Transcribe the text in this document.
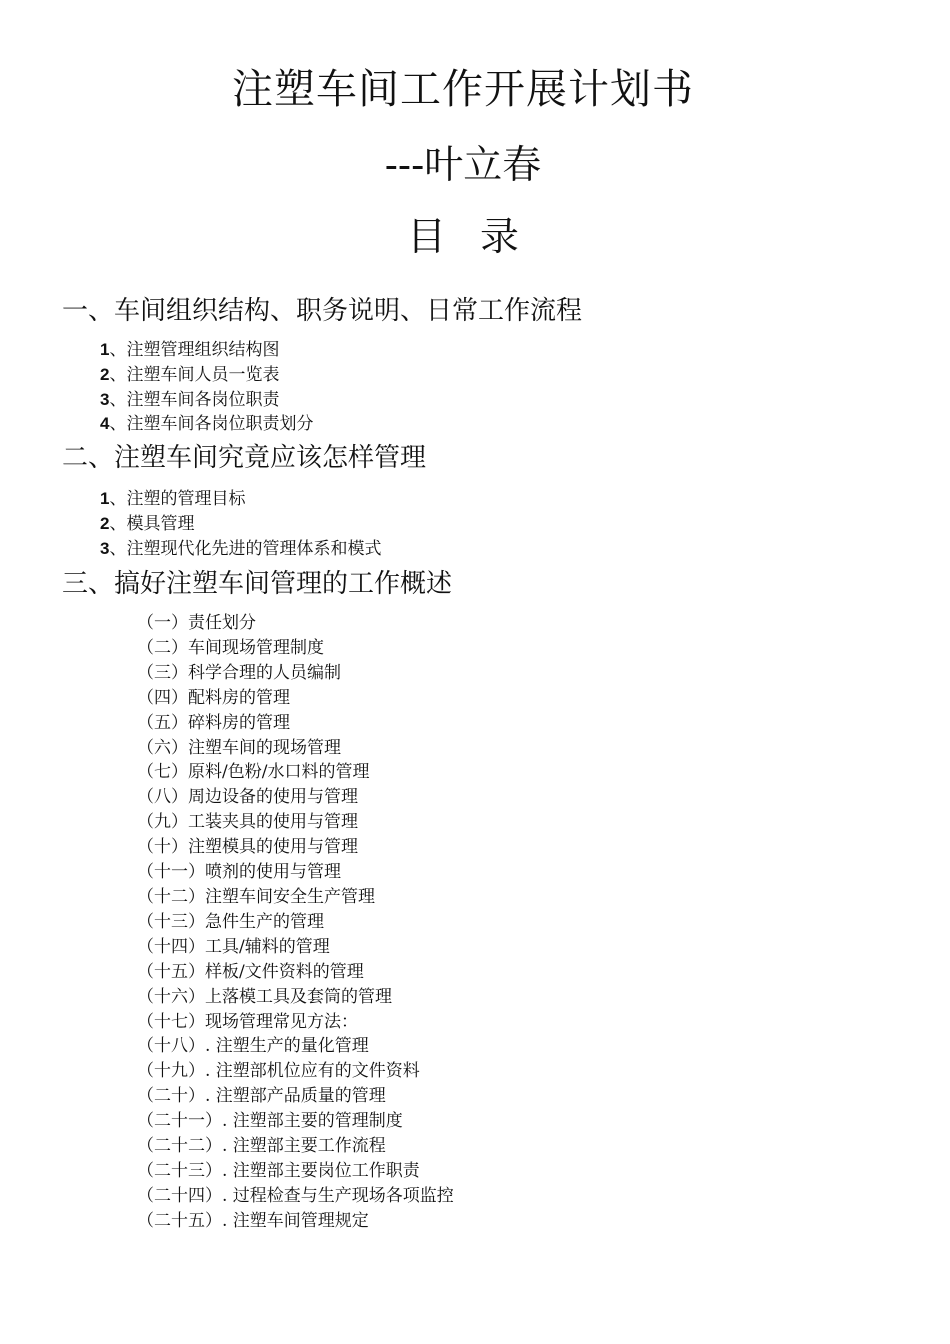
注塑车间工作开展计划书
---叶立春
目录
一、车间组织结构、职务说明、日常工作流程
1、注塑管理组织结构图
2、注塑车间人员一览表
3、注塑车间各岗位职责
4、注塑车间各岗位职责划分
二、注塑车间究竟应该怎样管理
1、注塑的管理目标
2、模具管理
3、注塑现代化先进的管理体系和模式
三、搞好注塑车间管理的工作概述
（一）责任划分
（二）车间现场管理制度
（三）科学合理的人员编制
（四）配料房的管理
（五）碎料房的管理
（六）注塑车间的现场管理
（七）原料/色粉/水口料的管理
（八）周边设备的使用与管理
（九）工装夹具的使用与管理
（十）注塑模具的使用与管理
（十一）喷剂的使用与管理
（十二）注塑车间安全生产管理
（十三）急件生产的管理
（十四）工具/辅料的管理
（十五）样板/文件资料的管理
（十六）上落模工具及套筒的管理
（十七）现场管理常见方法：
（十八）. 注塑生产的量化管理
（十九）. 注塑部机位应有的文件资料
（二十）. 注塑部产品质量的管理
（二十一）. 注塑部主要的管理制度
（二十二）. 注塑部主要工作流程
（二十三）. 注塑部主要岗位工作职责
（二十四）. 过程检查与生产现场各项监控
（二十五）. 注塑车间管理规定
